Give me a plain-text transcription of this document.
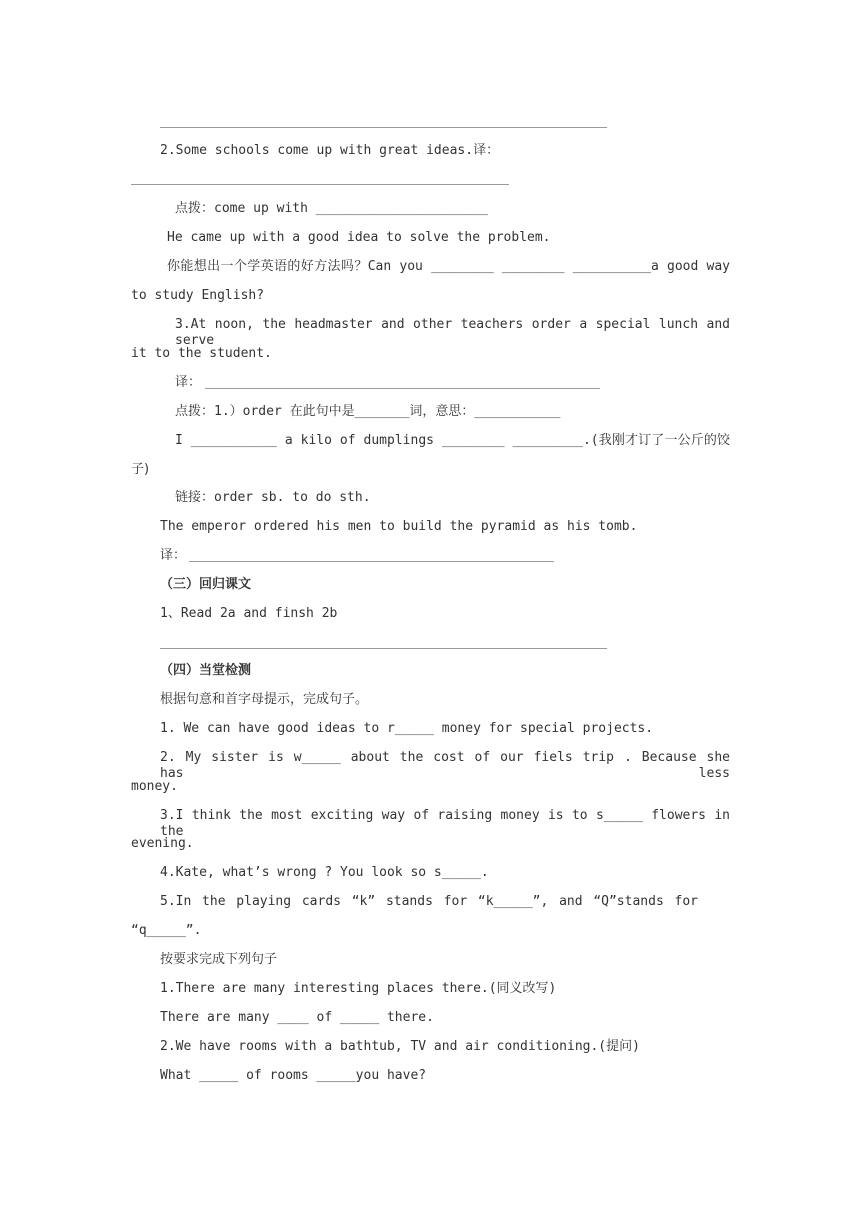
2.Some schools come up with great ideas.译：
点拨：come up with ______________________
He came up with a good idea to solve the problem.
你能想出一个学英语的好方法吗？Can you ________ ________ __________a good way
to study English?
3.At noon, the headmaster and other teachers order a special lunch and serve
it to the student.
译：
点拨：1.）order 在此句中是_______词，意思：___________
I ___________ a kilo of dumplings ________ _________.(我刚才订了一公斤的饺
子)
链接：order sb. to do sth.
The emperor ordered his men to build the pyramid as his tomb.
译：
（三）回归课文
1、Read 2a and finsh 2b
（四）当堂检测
根据句意和首字母提示，完成句子。
1. We can have good ideas to r_____ money for special projects.
2. My sister is w_____ about the cost of our fiels trip . Because she has less
money.
3.I think the most exciting way of raising money is to s_____ flowers in the
evening.
4.Kate, what’s wrong ? You look so s_____.
5.In the playing cards “k” stands for “k_____”, and “Q”stands for
“q_____”.
按要求完成下列句子
1.There are many interesting places there.(同义改写)
There are many ____ of _____ there.
2.We have rooms with a bathtub, TV and air conditioning.(提问)
What _____ of rooms _____you have?
